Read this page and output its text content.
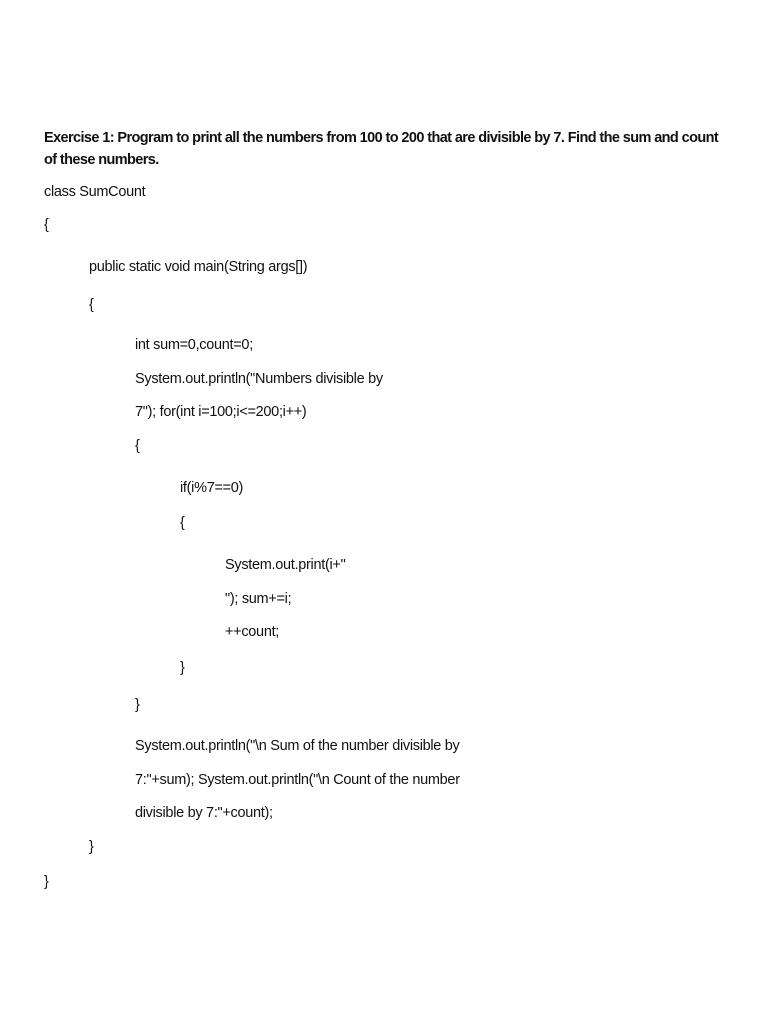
Exercise 1: Program to print all the numbers from 100 to 200 that are divisible by 7. Find the sum and count of these numbers.
class SumCount
{
public static void main(String args[])
{
int sum=0,count=0;
System.out.println("Numbers divisible by
7"); for(int i=100;i<=200;i++)
{
if(i%7==0)
{
System.out.print(i+"
"); sum+=i;
++count;
}
}
System.out.println("\n Sum of the number divisible by
7:"+sum); System.out.println("\n Count of the number
divisible by 7:"+count);
}
}
